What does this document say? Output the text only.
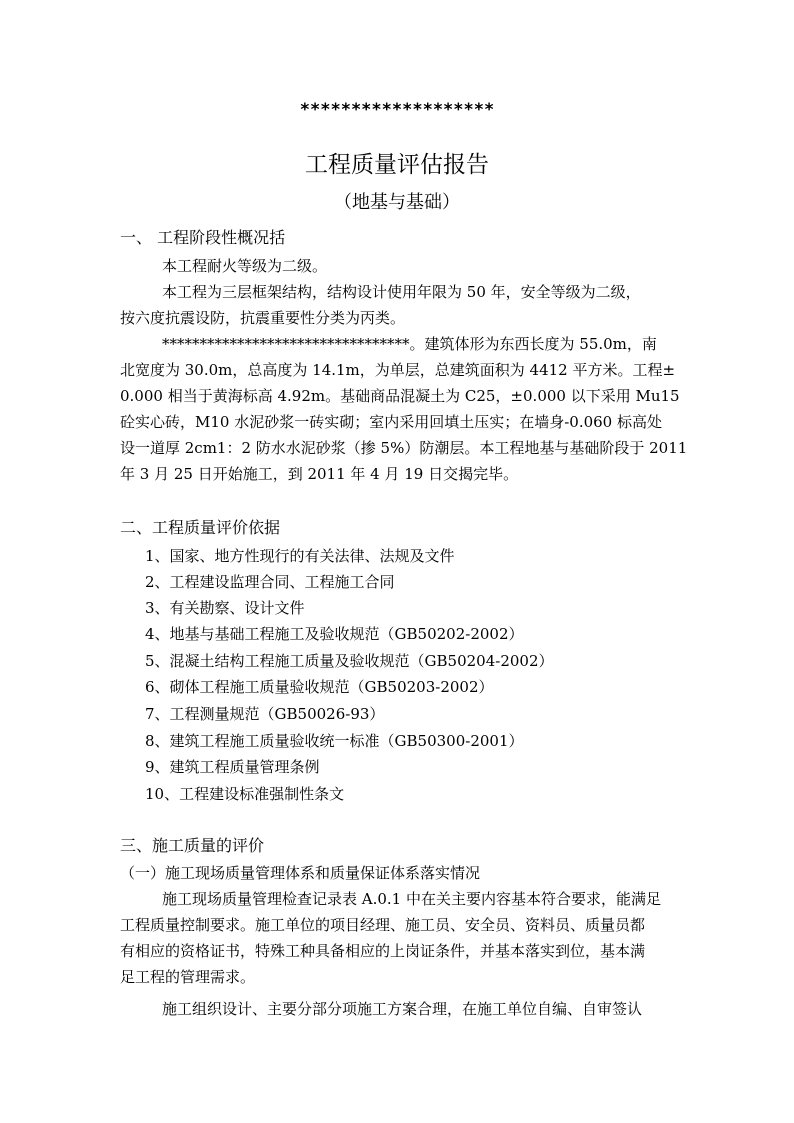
*******************
工程质量评估报告
（地基与基础）
一、 工程阶段性概况括
本工程耐火等级为二级。
本工程为三层框架结构，结构设计使用年限为 50 年，安全等级为二级，
按六度抗震设防，抗震重要性分类为丙类。
*********************************。建筑体形为东西长度为 55.0m，南
北宽度为 30.0m，总高度为 14.1m，为单层，总建筑面积为 4412 平方米。工程±
0.000 相当于黄海标高 4.92m。基础商品混凝土为 C25，±0.000 以下采用 Mu15
砼实心砖，M10 水泥砂浆一砖实砌；室内采用回填土压实；在墙身-0.060 标高处
设一道厚 2cm1：2 防水水泥砂浆（掺 5%）防潮层。本工程地基与基础阶段于 2011
年 3 月 25 日开始施工，到 2011 年 4 月 19 日交揭完毕。
二、工程质量评价依据
1、国家、地方性现行的有关法律、法规及文件
2、工程建设监理合同、工程施工合同
3、有关勘察、设计文件
4、地基与基础工程施工及验收规范（GB50202-2002）
5、混凝土结构工程施工质量及验收规范（GB50204-2002）
6、砌体工程施工质量验收规范（GB50203-2002）
7、工程测量规范（GB50026-93）
8、建筑工程施工质量验收统一标准（GB50300-2001）
9、建筑工程质量管理条例
10、工程建设标准强制性条文
三、施工质量的评价
（一）施工现场质量管理体系和质量保证体系落实情况
施工现场质量管理检查记录表 A.0.1 中在关主要内容基本符合要求，能满足
工程质量控制要求。施工单位的项目经理、施工员、安全员、资料员、质量员都
有相应的资格证书，特殊工种具备相应的上岗证条件，并基本落实到位，基本满
足工程的管理需求。
施工组织设计、主要分部分项施工方案合理，在施工单位自编、自审签认
